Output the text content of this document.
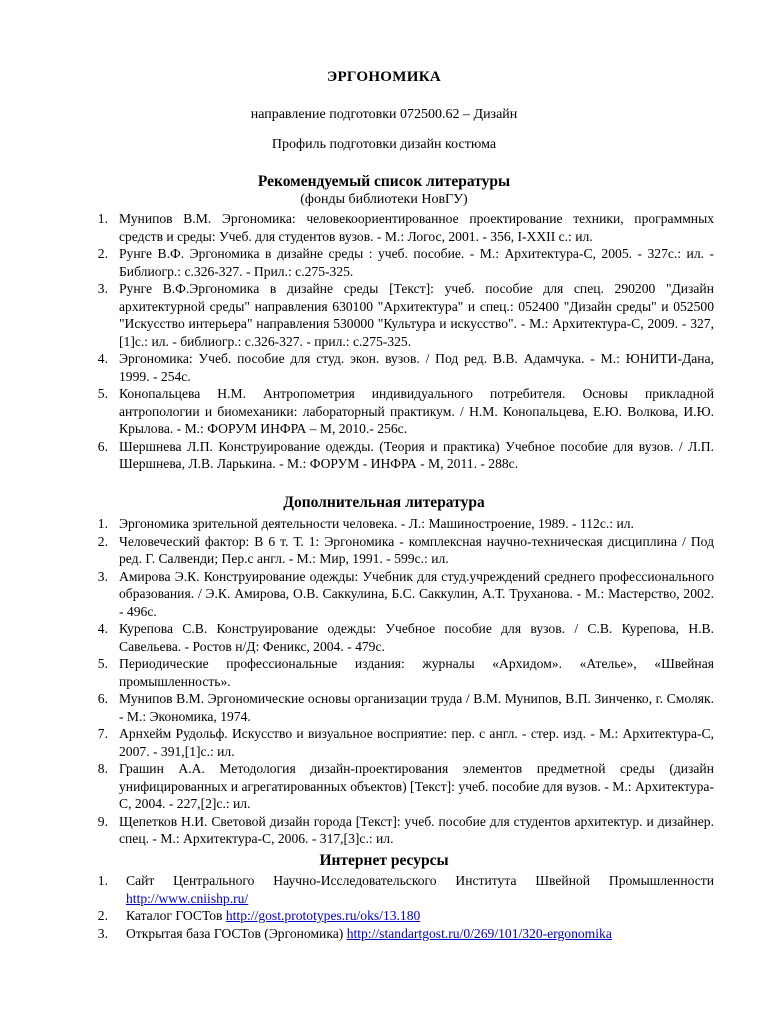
ЭРГОНОМИКА
направление подготовки 072500.62 – Дизайн
Профиль подготовки дизайн костюма
Рекомендуемый список литературы
(фонды библиотеки НовГУ)
1. Мунипов В.М. Эргономика: человекоориентированное проектирование техники, программных средств и среды: Учеб. для студентов вузов. - М.: Логос, 2001. - 356, I-XXII с.: ил.
2. Рунге В.Ф. Эргономика в дизайне среды : учеб. пособие. - М.: Архитектура-С, 2005. - 327с.: ил. - Библиогр.: с.326-327. - Прил.: с.275-325.
3. Рунге В.Ф.Эргономика в дизайне среды [Текст]: учеб. пособие для спец. 290200 "Дизайн архитектурной среды" направления 630100 "Архитектура" и спец.: 052400 "Дизайн среды" и 052500 "Искусство интерьера" направления 530000 "Культура и искусство". - М.: Архитектура-С, 2009. - 327,[1]с.: ил. - библиогр.: с.326-327. - прил.: с.275-325.
4. Эргономика: Учеб. пособие для студ. экон. вузов. / Под ред. В.В. Адамчука. - М.: ЮНИТИ-Дана, 1999. - 254с.
5. Конопальцева Н.М. Антропометрия индивидуального потребителя. Основы прикладной антропологии и биомеханики: лабораторный практикум. / Н.М. Конопальцева, Е.Ю. Волкова, И.Ю. Крылова. - М.: ФОРУМ ИНФРА – М, 2010.- 256с.
6. Шершнева Л.П. Конструирование одежды. (Теория и практика) Учебное пособие для вузов. / Л.П. Шершнева, Л.В. Ларькина. - М.: ФОРУМ - ИНФРА - М, 2011. - 288с.
Дополнительная литература
1. Эргономика зрительной деятельности человека. - Л.: Машиностроение, 1989. - 112с.: ил.
2. Человеческий фактор: В 6 т. Т. 1: Эргономика - комплексная научно-техническая дисциплина / Под ред. Г. Салвенди; Пер.с англ. - М.: Мир, 1991. - 599с.: ил.
3. Амирова Э.К. Конструирование одежды: Учебник для студ.учреждений среднего профессионального образования. / Э.К. Амирова, О.В. Саккулина, Б.С. Саккулин, А.Т. Труханова. - М.: Мастерство, 2002. - 496с.
4. Курепова С.В. Конструирование одежды: Учебное пособие для вузов. / С.В. Курепова, Н.В. Савельева. - Ростов н/Д: Феникс, 2004. - 479с.
5. Периодические профессиональные издания: журналы «Архидом». «Ателье», «Швейная промышленность».
6. Мунипов В.М. Эргономические основы организации труда / В.М. Мунипов, В.П. Зинченко, г. Смоляк. - М.: Экономика, 1974.
7. Арнхейм Рудольф. Искусство и визуальное восприятие: пер. с англ. - стер. изд. - М.: Архитектура-С, 2007. - 391,[1]с.: ил.
8. Грашин А.А. Методология дизайн-проектирования элементов предметной среды (дизайн унифицированных и агрегатированных объектов) [Текст]: учеб. пособие для вузов. - М.: Архитектура-С, 2004. - 227,[2]с.: ил.
9. Щепетков Н.И. Световой дизайн города [Текст]: учеб. пособие для студентов архитектур. и дизайнер. спец. - М.: Архитектура-С, 2006. - 317,[3]с.: ил.
Интернет ресурсы
1. Сайт Центрального Научно-Исследовательского Института Швейной Промышленности http://www.cniishp.ru/
2. Каталог ГОСТов http://gost.prototypes.ru/oks/13.180
3. Открытая база ГОСТов (Эргономика) http://standartgost.ru/0/269/101/320-ergonomika
